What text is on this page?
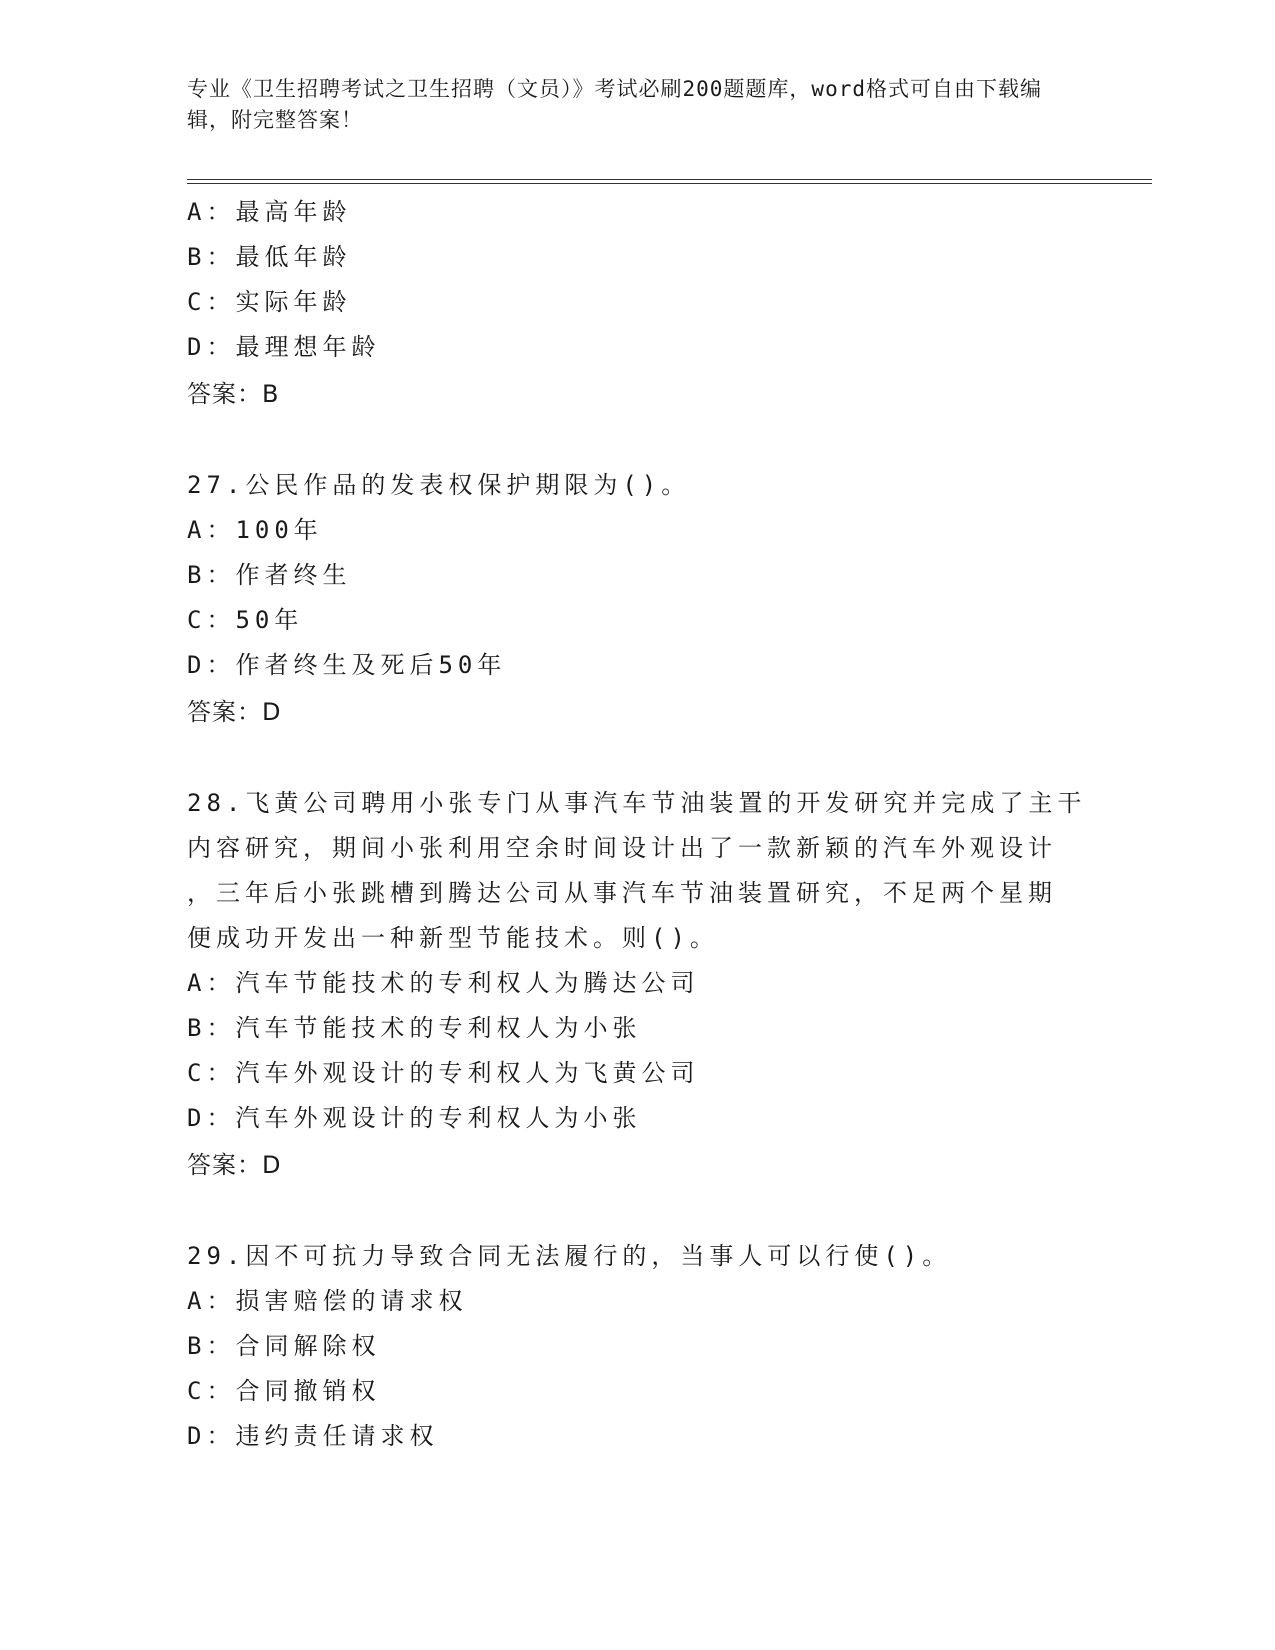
专业《卫生招聘考试之卫生招聘（文员）》考试必刷200题题库，word格式可自由下载编辑，附完整答案！

A：最高年龄

B：最低年龄

C：实际年龄

D：最理想年龄

答案：B

27.公民作品的发表权保护期限为()。

A：100年

B：作者终生

C：50年

D：作者终生及死后50年

答案：D

28.飞黄公司聘用小张专门从事汽车节油装置的开发研究并完成了主干

内容研究，期间小张利用空余时间设计出了一款新颖的汽车外观设计

，三年后小张跳槽到腾达公司从事汽车节油装置研究，不足两个星期

便成功开发出一种新型节能技术。则()。

A：汽车节能技术的专利权人为腾达公司

B：汽车节能技术的专利权人为小张

C：汽车外观设计的专利权人为飞黄公司

D：汽车外观设计的专利权人为小张

答案：D

29.因不可抗力导致合同无法履行的，当事人可以行使()。

A：损害赔偿的请求权

B：合同解除权

C：合同撤销权

D：违约责任请求权
